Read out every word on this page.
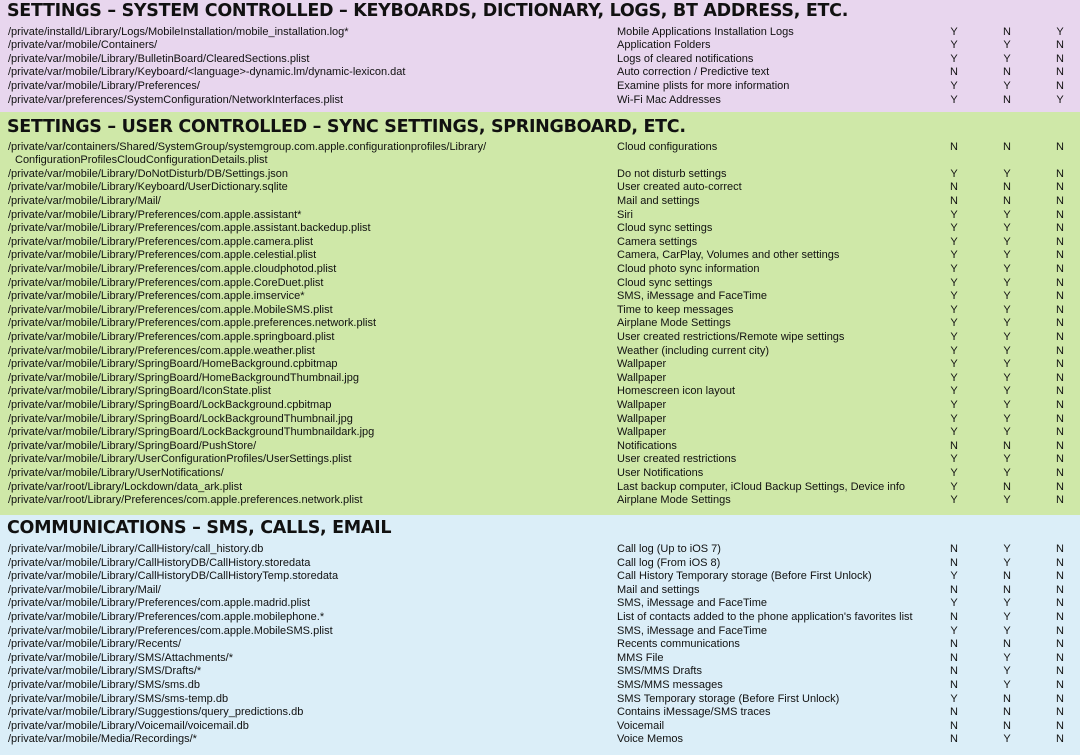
SETTINGS – SYSTEM CONTROLLED – KEYBOARDS, DICTIONARY, LOGS, BT ADDRESS, ETC.
/private/installd/Library/Logs/MobileInstallation/mobile_installation.log*	Mobile Applications Installation Logs	Y	N	Y
/private/var/mobile/Containers/	Application Folders	Y	Y	N
/private/var/mobile/Library/BulletinBoard/ClearedSections.plist	Logs of cleared notifications	Y	Y	N
/private/var/mobile/Library/Keyboard/<language>-dynamic.lm/dynamic-lexicon.dat	Auto correction / Predictive text	N	N	N
/private/var/mobile/Library/Preferences/	Examine plists for more information	Y	Y	N
/private/var/preferences/SystemConfiguration/NetworkInterfaces.plist	Wi-Fi Mac Addresses	Y	N	Y
SETTINGS – USER CONTROLLED – SYNC SETTINGS, SPRINGBOARD, ETC.
/private/var/containers/Shared/SystemGroup/systemgroup.com.apple.configurationprofiles/Library/
ConfigurationProfilesCloudConfigurationDetails.plist
Cloud configurations	N	N	N
/private/var/mobile/Library/DoNotDisturb/DB/Settings.json	Do not disturb settings	Y	Y	N
/private/var/mobile/Library/Keyboard/UserDictionary.sqlite	User created auto-correct	N	N	N
/private/var/mobile/Library/Mail/	Mail and settings	N	N	N
/private/var/mobile/Library/Preferences/com.apple.assistant*	Siri	Y	Y	N
/private/var/mobile/Library/Preferences/com.apple.assistant.backedup.plist	Cloud sync settings	Y	Y	N
/private/var/mobile/Library/Preferences/com.apple.camera.plist	Camera settings	Y	Y	N
/private/var/mobile/Library/Preferences/com.apple.celestial.plist	Camera, CarPlay, Volumes and other settings	Y	Y	N
/private/var/mobile/Library/Preferences/com.apple.cloudphotod.plist	Cloud photo sync information	Y	Y	N
/private/var/mobile/Library/Preferences/com.apple.CoreDuet.plist	Cloud sync settings	Y	Y	N
/private/var/mobile/Library/Preferences/com.apple.imservice*	SMS, iMessage and FaceTime	Y	Y	N
/private/var/mobile/Library/Preferences/com.apple.MobileSMS.plist	Time to keep messages	Y	Y	N
/private/var/mobile/Library/Preferences/com.apple.preferences.network.plist	Airplane Mode Settings	Y	Y	N
/private/var/mobile/Library/Preferences/com.apple.springboard.plist	User created restrictions/Remote wipe settings	Y	Y	N
/private/var/mobile/Library/Preferences/com.apple.weather.plist	Weather (including current city)	Y	Y	N
/private/var/mobile/Library/SpringBoard/HomeBackground.cpbitmap	Wallpaper	Y	Y	N
/private/var/mobile/Library/SpringBoard/HomeBackgroundThumbnail.jpg	Wallpaper	Y	Y	N
/private/var/mobile/Library/SpringBoard/IconState.plist	Homescreen icon layout	Y	Y	N
/private/var/mobile/Library/SpringBoard/LockBackground.cpbitmap	Wallpaper	Y	Y	N
/private/var/mobile/Library/SpringBoard/LockBackgroundThumbnail.jpg	Wallpaper	Y	Y	N
/private/var/mobile/Library/SpringBoard/LockBackgroundThumbnaildark.jpg	Wallpaper	Y	Y	N
/private/var/mobile/Library/SpringBoard/PushStore/	Notifications	N	N	N
/private/var/mobile/Library/UserConfigurationProfiles/UserSettings.plist	User created restrictions	Y	Y	N
/private/var/mobile/Library/UserNotifications/	User Notifications	Y	Y	N
/private/var/root/Library/Lockdown/data_ark.plist	Last backup computer, iCloud Backup Settings, Device info	Y	N	N
/private/var/root/Library/Preferences/com.apple.preferences.network.plist	Airplane Mode Settings	Y	Y	N
COMMUNICATIONS – SMS, CALLS, EMAIL
/private/var/mobile/Library/CallHistory/call_history.db	Call log (Up to iOS 7)	N	Y	N
/private/var/mobile/Library/CallHistoryDB/CallHistory.storedata	Call log (From iOS 8)	N	Y	N
/private/var/mobile/Library/CallHistoryDB/CallHistoryTemp.storedata	Call History Temporary storage (Before First Unlock)	Y	N	N
/private/var/mobile/Library/Mail/	Mail and settings	N	N	N
/private/var/mobile/Library/Preferences/com.apple.madrid.plist	SMS, iMessage and FaceTime	Y	Y	N
/private/var/mobile/Library/Preferences/com.apple.mobilephone.*	List of contacts added to the phone application's favorites list	N	Y	N
/private/var/mobile/Library/Preferences/com.apple.MobileSMS.plist	SMS, iMessage and FaceTime	Y	Y	N
/private/var/mobile/Library/Recents/	Recents communications	N	N	N
/private/var/mobile/Library/SMS/Attachments/*	MMS File	N	Y	N
/private/var/mobile/Library/SMS/Drafts/*	SMS/MMS Drafts	N	Y	N
/private/var/mobile/Library/SMS/sms.db	SMS/MMS messages	N	Y	N
/private/var/mobile/Library/SMS/sms-temp.db	SMS Temporary storage (Before First Unlock)	Y	N	N
/private/var/mobile/Library/Suggestions/query_predictions.db	Contains iMessage/SMS traces	N	N	N
/private/var/mobile/Library/Voicemail/voicemail.db	Voicemail	N	N	N
/private/var/mobile/Media/Recordings/*	Voice Memos	N	Y	N
